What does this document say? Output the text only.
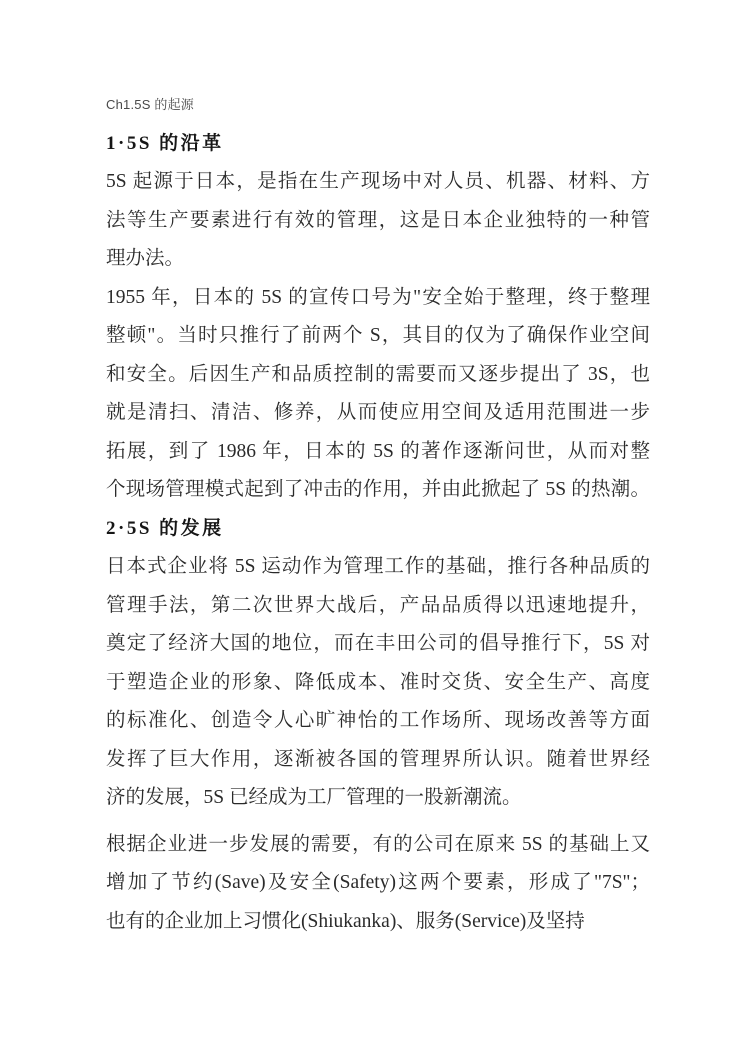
Ch1.5S 的起源
1·5S 的沿革
5S 起源于日本，是指在生产现场中对人员、机器、材料、方
法等生产要素进行有效的管理，这是日本企业独特的一种管
理办法。
1955 年，日本的 5S 的宣传口号为"安全始于整理，终于整理
整顿"。当时只推行了前两个 S，其目的仅为了确保作业空间
和安全。后因生产和品质控制的需要而又逐步提出了 3S，也
就是清扫、清洁、修养，从而使应用空间及适用范围进一步
拓展，到了 1986 年，日本的 5S 的著作逐渐问世，从而对整
个现场管理模式起到了冲击的作用，并由此掀起了 5S 的热潮。
2·5S 的发展
日本式企业将 5S 运动作为管理工作的基础，推行各种品质的
管理手法，第二次世界大战后，产品品质得以迅速地提升，
奠定了经济大国的地位，而在丰田公司的倡导推行下，5S 对
于塑造企业的形象、降低成本、准时交货、安全生产、高度
的标准化、创造令人心旷神怡的工作场所、现场改善等方面
发挥了巨大作用，逐渐被各国的管理界所认识。随着世界经
济的发展，5S 已经成为工厂管理的一股新潮流。
根据企业进一步发展的需要，有的公司在原来 5S 的基础上又
增加了节约(Save)及安全(Safety)这两个要素，形成了"7S"；
也有的企业加上习惯化(Shiukanka)、服务(Service)及坚持
